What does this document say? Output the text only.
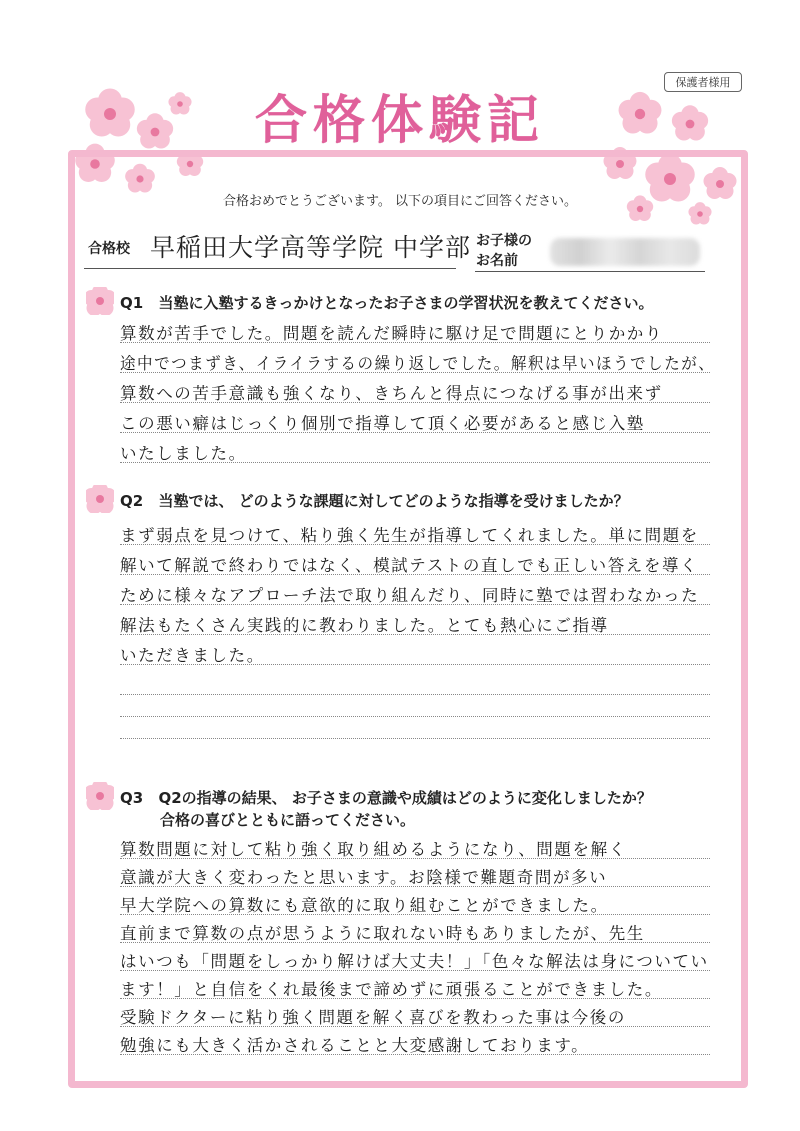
保護者様用
合格体験記
合格おめでとうございます。 以下の項目にご回答ください。
合格校 早稲田大学高等学院 中学部 お子様の
お名前
Q1 当塾に入塾するきっかけとなったお子さまの学習状況を教えてください。
算数が苦手でした。問題を読んだ瞬時に駆け足で問題にとりかかり
途中でつまずき、イライラするの繰り返しでした。解釈は早いほうでしたが、
算数への苦手意識も強くなり、きちんと得点につなげる事が出来ず
この悪い癖はじっくり個別で指導して頂く必要があると感じ入塾
いたしました。
Q2 当塾では、 どのような課題に対してどのような指導を受けましたか？
まず弱点を見つけて、粘り強く先生が指導してくれました。単に問題を
解いて解説で終わりではなく、模試テストの直しでも正しい答えを導く
ために様々なアプローチ法で取り組んだり、同時に塾では習わなかった
解法もたくさん実践的に教わりました。とても熱心にご指導
いただきました。
Q3 Q2の指導の結果、 お子さまの意識や成績はどのように変化しましたか？
合格の喜びとともに語ってください。
算数問題に対して粘り強く取り組めるようになり、問題を解く
意識が大きく変わったと思います。お陰様で難題奇問が多い
早大学院への算数にも意欲的に取り組むことができました。
直前まで算数の点が思うように取れない時もありましたが、先生
はいつも「問題をしっかり解けば大丈夫！」「色々な解法は身についてい
ます！」と自信をくれ最後まで諦めずに頑張ることができました。
受験ドクターに粘り強く問題を解く喜びを教わった事は今後の
勉強にも大きく活かされることと大変感謝しております。
